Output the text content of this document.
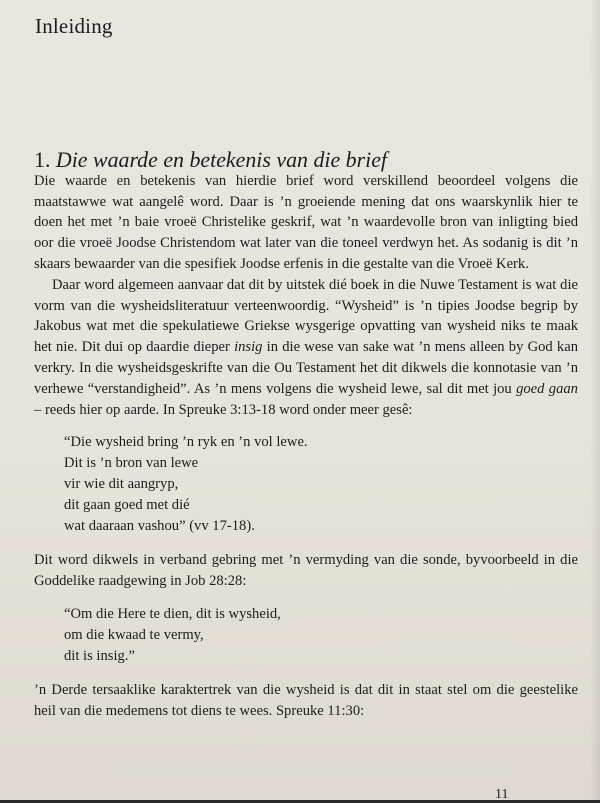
Inleiding
1. Die waarde en betekenis van die brief

Die waarde en betekenis van hierdie brief word verskillend beoordeel volgens die maatstawwe wat aangelê word. Daar is ’n groeiende mening dat ons waarskynlik hier te doen het met ’n baie vroeë Christelike geskrif, wat ’n waardevolle bron van inligting bied oor die vroeë Joodse Christendom wat later van die toneel verdwyn het. As sodanig is dit ’n skaars bewaarder van die spesifiek Joodse erfenis in die gestalte van die Vroeë Kerk.

Daar word algemeen aanvaar dat dit by uitstek dié boek in die Nuwe Testament is wat die vorm van die wysheidsliteratuur verteenwoordig. “Wysheid” is ’n tipies Joodse begrip by Jakobus wat met die spekulatiewe Griekse wysgerige opvatting van wysheid niks te maak het nie. Dit dui op daardie dieper insig in die wese van sake wat ’n mens alleen by God kan verkry. In die wysheidsgeskrifte van die Ou Testament het dit dikwels die konnotasie van ’n verhewe “verstandigheid”. As ’n mens volgens die wysheid lewe, sal dit met jou goed gaan – reeds hier op aarde. In Spreuke 3:13-18 word onder meer gesê:

“Die wysheid bring ’n ryk en ’n vol lewe.
Dit is ’n bron van lewe
vir wie dit aangryp,
dit gaan goed met dié
wat daaraan vashou” (vv 17-18).

Dit word dikwels in verband gebring met ’n vermyding van die sonde, byvoorbeeld in die Goddelike raadgewing in Job 28:28:

“Om die Here te dien, dit is wysheid,
om die kwaad te vermy,
dit is insig.”

’n Derde tersaaklike karaktertrek van die wysheid is dat dit in staat stel om die geestelike heil van die medemens tot diens te wees. Spreuke 11:30:

11
